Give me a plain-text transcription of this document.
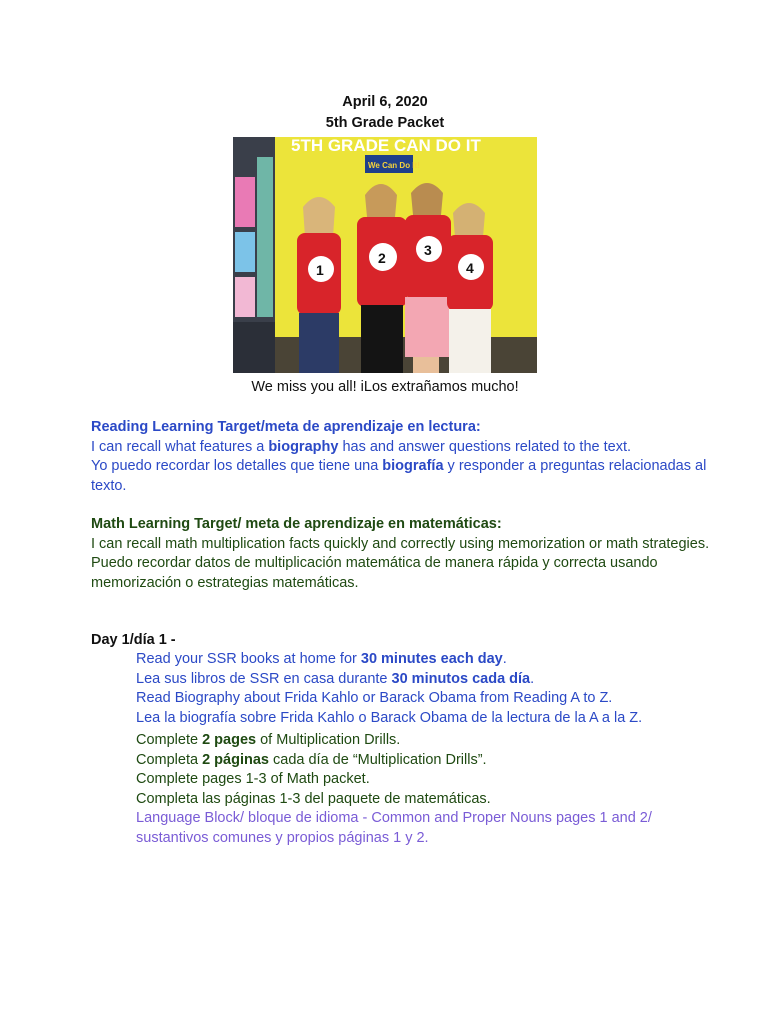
April 6, 2020
5th Grade Packet
5TH GRADE CAN DO IT
We Can Do It!
1
2	3
4
We miss you all! iLos extrañamos mucho!
Reading Learning Target/meta de aprendizaje en lectura:
I can recall what features a biography has and answer questions related to the text.
Yo puedo recordar los detalles que tiene una biografía y responder a preguntas relacionadas al texto.
Math Learning Target/ meta de aprendizaje en matemáticas:
I can recall math multiplication facts quickly and correctly using memorization or math strategies.
Puedo recordar datos de multiplicación matemática de manera rápida y correcta usando memorización o estrategias matemáticas.
Day 1/día 1 -
Read your SSR books at home for 30 minutes each day.
Lea sus libros de SSR en casa durante 30 minutos cada día.
Read Biography about Frida Kahlo or Barack Obama from Reading A to Z.
Lea la biografía sobre Frida Kahlo o Barack Obama de la lectura de la A a la Z.
Complete 2 pages of Multiplication Drills.
Completa 2 páginas cada día de “Multiplication Drills”.
Complete pages 1-3 of Math packet.
Completa las páginas 1-3 del paquete de matemáticas.
Language Block/ bloque de idioma - Common and Proper Nouns pages 1 and 2/ sustantivos comunes y propios páginas 1 y 2.
